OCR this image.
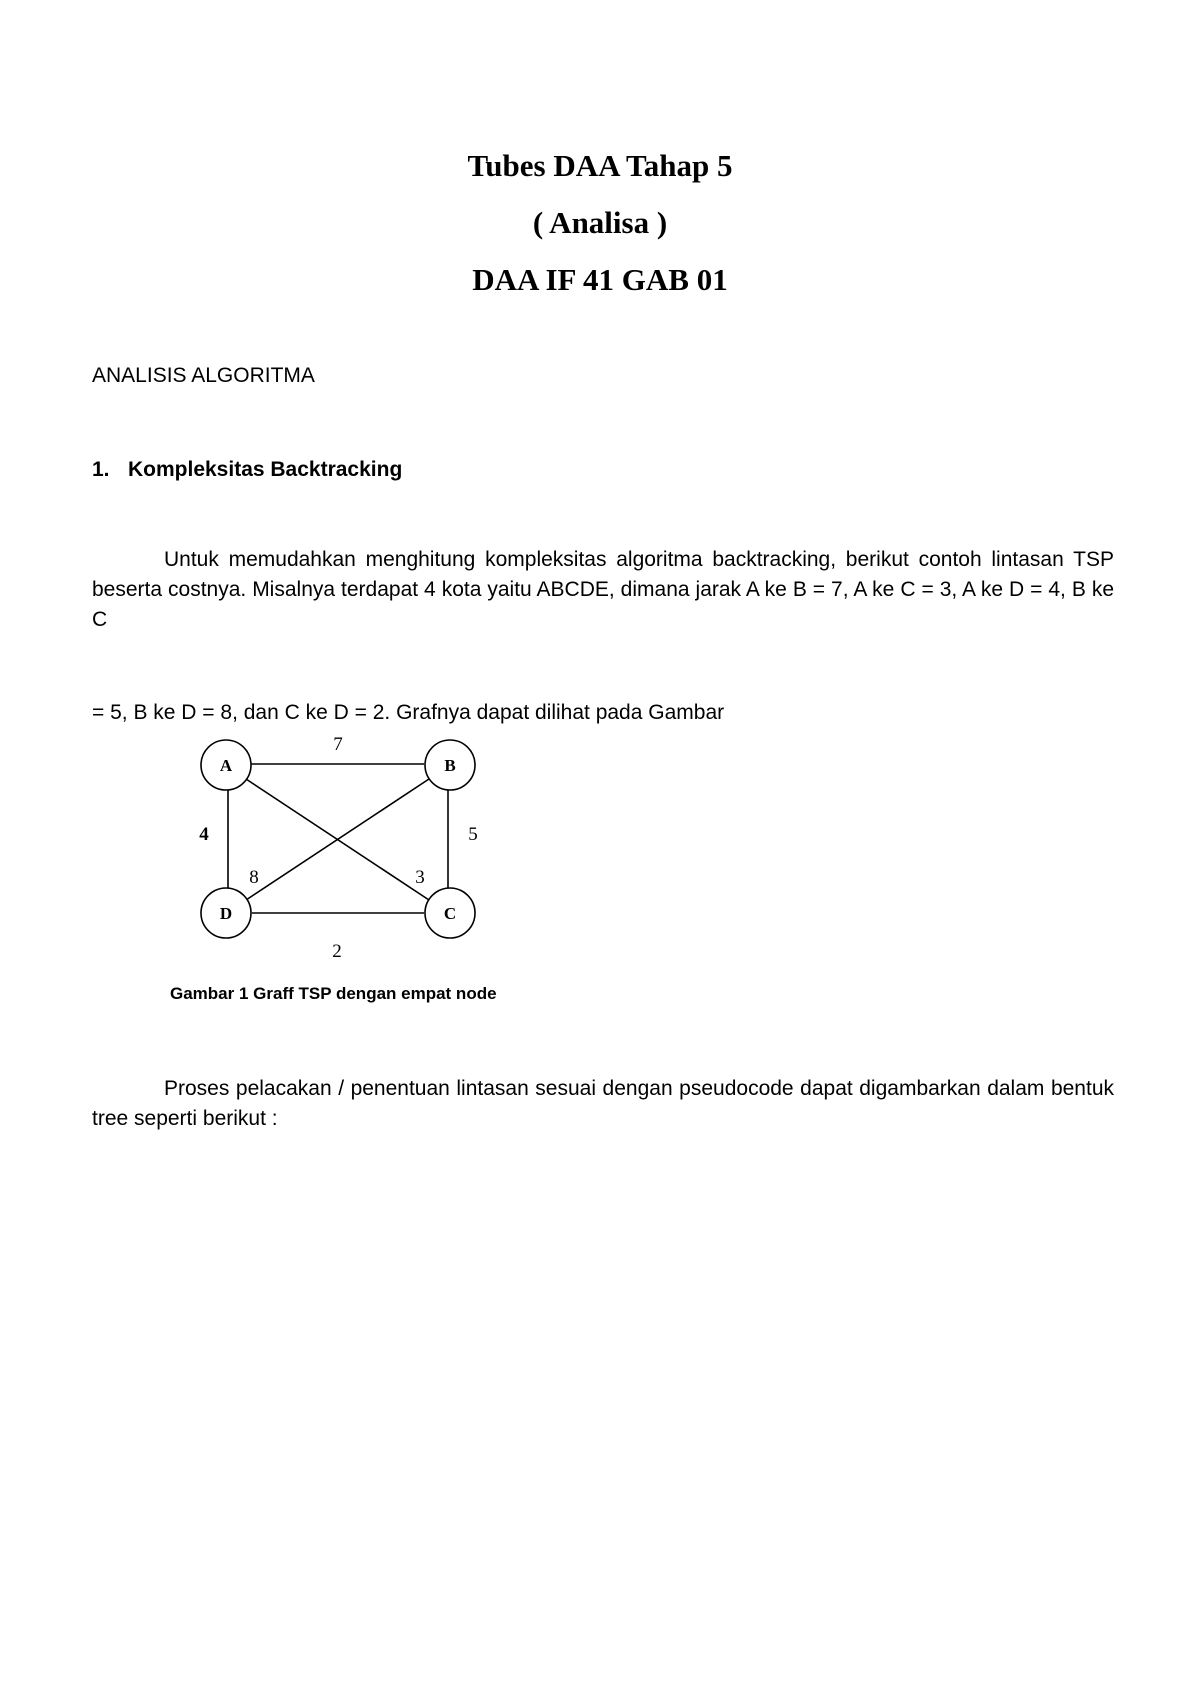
Tubes DAA Tahap 5
( Analisa )
DAA IF 41 GAB 01
ANALISIS ALGORITMA
1. Kompleksitas Backtracking
Untuk memudahkan menghitung kompleksitas algoritma backtracking, berikut contoh lintasan TSP beserta costnya. Misalnya terdapat 4 kota yaitu ABCDE, dimana jarak A ke B = 7, A ke C = 3, A ke D = 4, B ke C
= 5, B ke D = 8, dan C ke D = 2. Grafnya dapat dilihat pada Gambar
A	B
C
D
7
4	5
2
8	3
Gambar 1 Graff TSP dengan empat node
Proses pelacakan / penentuan lintasan sesuai dengan pseudocode dapat digambarkan dalam bentuk tree seperti berikut :
